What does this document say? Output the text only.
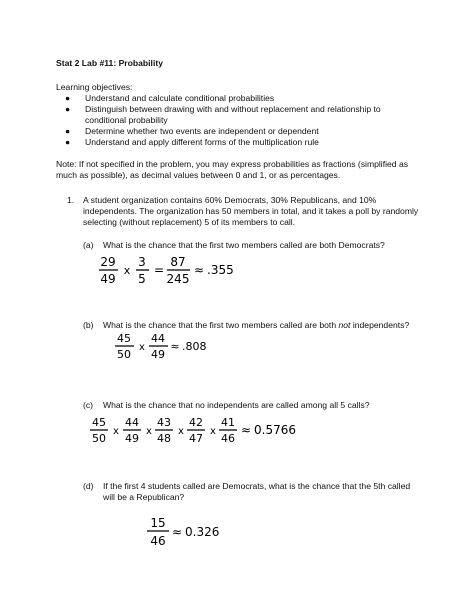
Stat 2 Lab #11: Probability
Learning objectives:
● Understand and calculate conditional probabilities
● Distinguish between drawing with and without replacement and relationship to
conditional probability
● Determine whether two events are independent or dependent
● Understand and apply different forms of the multiplication rule
Note: If not specified in the problem, you may express probabilities as fractions (simplified as
much as possible), as decimal values between 0 and 1, or as percentages.
1. A student organization contains 60% Democrats, 30% Republicans, and 10%
independents. The organization has 50 members in total, and it takes a poll by randomly
selecting (without replacement) 5 of its members to call.
(a) What is the chance that the first two members called are both Democrats?
29
49
x
3
5
=
87
245
≈ .355
(b) What is the chance that the first two members called are both not independents?
45
50
x
44
49
≈ .808
(c) What is the chance that no independents are called among all 5 calls?
45
50
x
44
49
x
43
48
x
42
47
x
41
46
≈ 0.5766
(d) If the first 4 students called are Democrats, what is the chance that the 5th called
will be a Republican?
15
46
≈ 0.326
